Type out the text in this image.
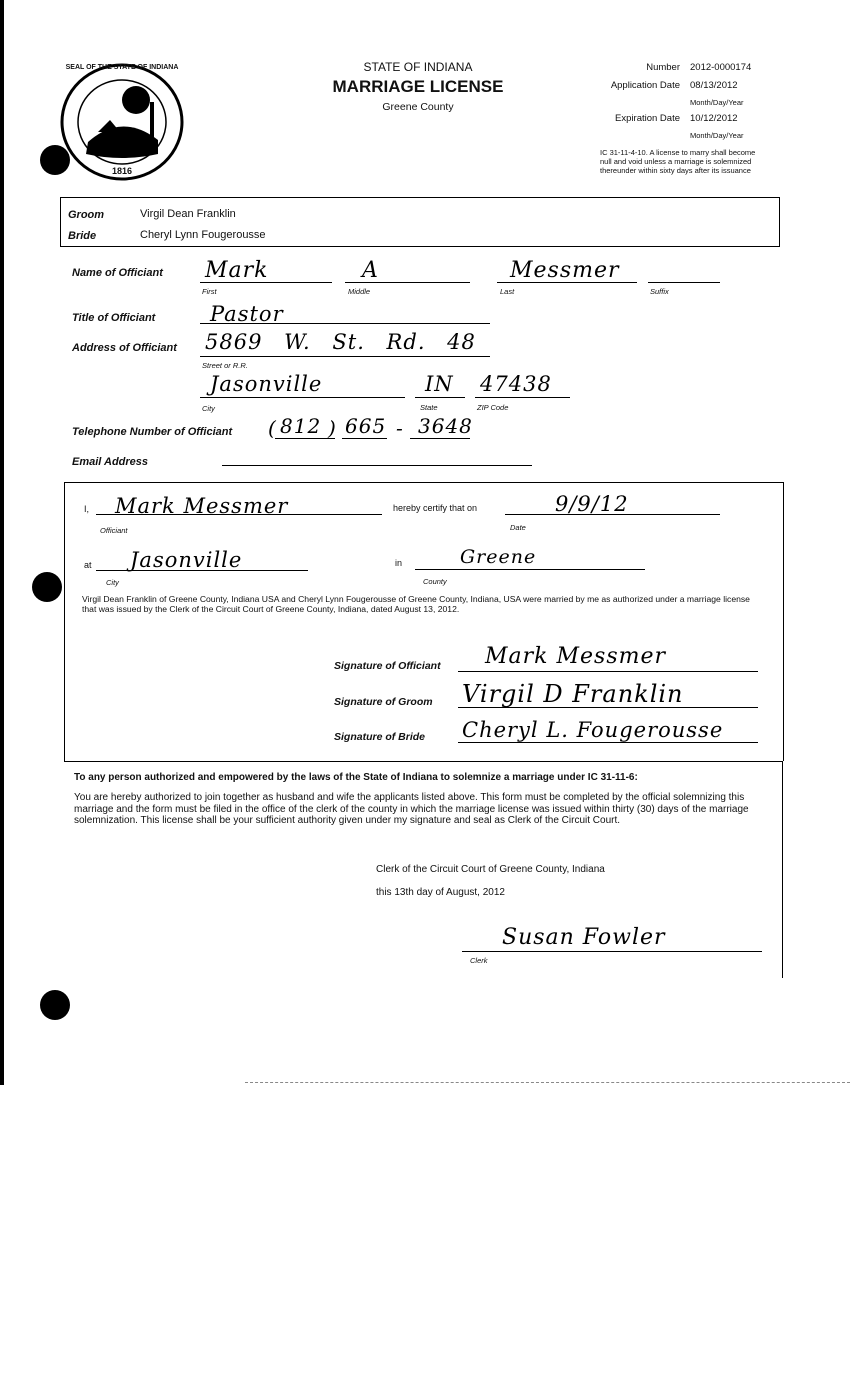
SEAL OF THE STATE OF INDIANA
1816
STATE OF INDIANA
MARRIAGE LICENSE
Greene County
Number 2012-0000174
Application Date 08/13/2012
Month/Day/Year
Expiration Date 10/12/2012
Month/Day/Year
IC 31-11-4-10. A license to marry shall become null and void unless a marriage is solemnized thereunder within sixty days after its issuance
Groom	Virgil Dean Franklin
Bride	Cheryl Lynn Fougerousse
Name of Officiant Mark	A	Messmer
First	Middle	Last	Suffix
Title of Officiant	Pastor
Address of Officiant 5869 W. St. Rd. 48
Street or R.R.
Jasonville	IN 47438
City	State	ZIP Code
Telephone Number of Officiant ( 812 ) 665 - 3648
Email Address
I, Mark Messmer
Officiant
hereby certify that on	9/9/12
Date
at Jasonville
City
in	Greene
County
Virgil Dean Franklin of Greene County, Indiana USA and Cheryl Lynn Fougerousse of Greene County, Indiana, USA were married by me as authorized under a marriage license that was issued by the Clerk of the Circuit Court of Greene County, Indiana, dated August 13, 2012.
Signature of Officiant Mark Messmer
Signature of Groom Virgil D Franklin
Signature of Bride Cheryl L. Fougerousse
To any person authorized and empowered by the laws of the State of Indiana to solemnize a marriage under IC 31-11-6:
You are hereby authorized to join together as husband and wife the applicants listed above. This form must be completed by the official solemnizing this marriage and the form must be filed in the office of the clerk of the county in which the marriage license was issued within thirty (30) days of the marriage solemnization. This license shall be your sufficient authority given under my signature and seal as Clerk of the Circuit Court.
Clerk of the Circuit Court of Greene County, Indiana
this 13th day of August, 2012
Susan Fowler
Clerk
